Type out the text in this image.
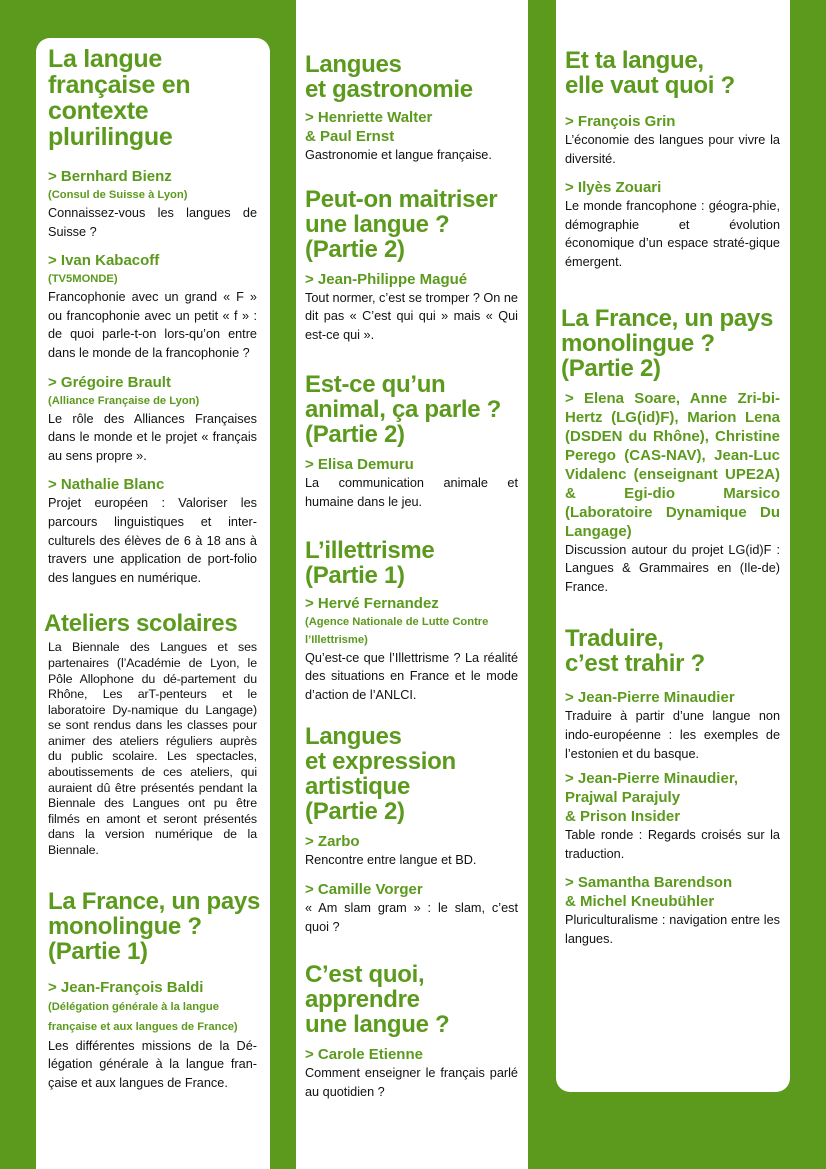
La langue
française en
contexte
plurilingue

> Bernhard Bienz

(Consul de Suisse à Lyon)

Connaissez-vous les langues de Suisse ?

> Ivan Kabacoff

(TV5MONDE)

Francophonie avec un grand « F » ou francophonie avec un petit « f » : de quoi parle-t-on lors-qu’on entre dans le monde de la francophonie ?

> Grégoire Brault

(Alliance Française de Lyon)

Le rôle des Alliances Françaises dans le monde et le projet « français au sens propre ».

> Nathalie Blanc

Projet européen : Valoriser les parcours linguistiques et inter-culturels des élèves de 6 à 18 ans à travers une application de port-folio des langues en numérique.

Ateliers scolaires

La Biennale des Langues et ses partenaires (l’Académie de Lyon, le Pôle Allophone du dé-partement du Rhône, Les arT-penteurs et le laboratoire Dy-namique du Langage) se sont rendus dans les classes pour animer des ateliers réguliers auprès du public scolaire. Les spectacles, aboutissements de ces ateliers, qui auraient dû être présentés pendant la Biennale des Langues ont pu être filmés en amont et seront présentés dans la version numérique de la Biennale.

La France, un pays
monolingue ?
(Partie 1)

> Jean-François Baldi

(Délégation générale à la langue française et aux langues de France)

Les différentes missions de la Dé-légation générale à la langue fran-çaise et aux langues de France.

Langues
et gastronomie

> Henriette Walter
& Paul Ernst

Gastronomie et langue française.

Peut-on maitriser
une langue ?
(Partie 2)

> Jean-Philippe Magué

Tout normer, c’est se tromper ? On ne dit pas « C’est qui qui » mais « Qui est-ce qui ».

Est-ce qu’un
animal, ça parle ?
(Partie 2)

> Elisa Demuru

La communication animale et humaine dans le jeu.

L’illettrisme
(Partie 1)

> Hervé Fernandez

(Agence Nationale de Lutte Contre l’Illettrisme)

Qu’est-ce que l’Illettrisme ? La réalité des situations en France et le mode d’action de l’ANLCI.

Langues
et expression
artistique
(Partie 2)

> Zarbo

Rencontre entre langue et BD.

> Camille Vorger

« Am slam gram » : le slam, c’est quoi ?

C’est quoi,
apprendre
une langue ?

> Carole Etienne

Comment enseigner le français parlé au quotidien ?

Et ta langue,
elle vaut quoi ?

> François Grin

L’économie des langues pour vivre la diversité.

> Ilyès Zouari

Le monde francophone : géogra-phie, démographie et évolution économique d’un espace straté-gique émergent.

La France, un pays
monolingue ?
(Partie 2)

> Elena Soare, Anne Zri-bi-Hertz (LG(id)F), Marion Lena (DSDEN du Rhône), Christine Perego (CAS-NAV), Jean-Luc Vidalenc (enseignant UPE2A) & Egi-dio Marsico (Laboratoire Dynamique Du Langage)

Discussion autour du projet LG(id)F : Langues & Grammaires en (Ile-de) France.

Traduire,
c’est trahir ?

> Jean-Pierre Minaudier

Traduire à partir d’une langue non indo-européenne : les exemples de l’estonien et du basque.

> Jean-Pierre Minaudier,
Prajwal Parajuly
& Prison Insider

Table ronde : Regards croisés sur la traduction.

> Samantha Barendson
& Michel Kneubühler

Pluriculturalisme : navigation entre les langues.
